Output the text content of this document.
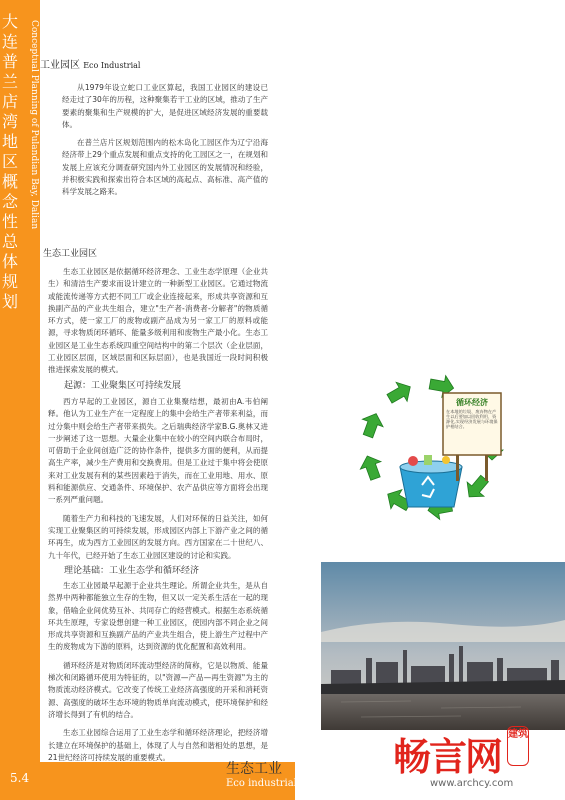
大连普兰店湾地区概念性总体规划
Conceptual Planning of Pulandian Bay, Dalian 工业园区 Eco Industrial

从1979年设立蛇口工业区算起，我国工业园区的建设已经走过了30年的历程，这种聚集若干工业的区域，推动了生产要素的聚集和生产规模的扩大，是促进区域经济发展的重要载体。

在普兰店片区规划范围内的松木岛化工园区作为辽宁沿海经济带上29个重点发展和重点支持的化工园区之一，在规划和发展上应该充分调查研究国内外工业园区的发展情况和经验，并积极实践和探索出符合本区域的高起点、高标准、高产值的科学发展之路来。

生态工业园区

生态工业园区是依据循环经济理念、工业生态学原理（企业共生）和清洁生产要求而设计建立的一种新型工业园区。它通过物流或能流传递等方式把不同工厂或企业连接起来，形成共享资源和互换副产品的产业共生组合，建立"生产者-消费者-分解者"的物质循环方式，使一家工厂的废物或副产品成为另一家工厂的原料或能源，寻求物质闭环循环、能量多级利用和废物生产最小化。生态工业园区是工业生态系统四重空间结构中的第二个层次（企业层面，工业园区层面，区域层面和区际层面），也是我国近一段时间积极推进探索发展的模式。

起源：工业聚集区可持续发展

西方早起的工业园区，源自工业集聚结想，最初由A.韦伯阐释。他认为工业生产在一定程度上的集中会给生产者带来利益，而过分集中则会给生产者带来损失。之后瑞典经济学家B.G.奥林又进一步阐述了这一思想。大量企业集中在较小的空间内联合布局时，可借助于企业间创造广泛的协作条件，提供多方面的便利，从而提高生产率，减少生产费用和交换费用。但是工业过于集中将会使原来对工业发展有利的某些因素趋于消失，而在工业用地、用水、原料和能源供应、交通条件、环境保护、农产品供应等方面将会出现一系列严重问题。

随着生产力和科技的飞速发展，人们对环保的日益关注，如何实现工业聚集区的可持续发展，形成园区内部上下游产业之间的循环再生，成为西方工业园区的发展方向。西方国家在二十世纪八、九十年代，已经开始了生态工业园区建设的讨论和实践。

理论基础：工业生态学和循环经济

生态工业园最早起源于企业共生理论。所谓企业共生，是从自然界中两种都能独立生存的生物，但又以一定关系生活在一起的现象，借喻企业间优势互补、共同存亡的经营模式。根据生态系统循环共生原理，专家设想创建一种工业园区，使园内部不同企业之间形成共享资源和互换副产品的产业共生组合，使上游生产过程中产生的废物成为下游的原料，达到资源的优化配置和高效利用。

循环经济是对物质闭环流动型经济的简称，它是以物质、能量梯次和闭路循环使用为特征的，以"资源—产品—再生资源"为主的物质流动经济模式。它改变了传统工业经济高强度的开采和消耗资源、高强度的破坏生态环境的物质单向流动模式，使环境保护和经济增长得到了有机的结合。

生态工业园综合运用了工业生态学和循环经济理论，把经济增长建立在环境保护的基础上，体现了人与自然和谐相处的思想，是21世纪经济可持续发展的重要模式。

循环经济
在本地的垃圾、废弃物在产生以后要加以回收利用、资源化,实现经济发展与环境保护相结合。
5.4
生态工业
Eco industrial
畅言网 建筑
www.archcy.com
